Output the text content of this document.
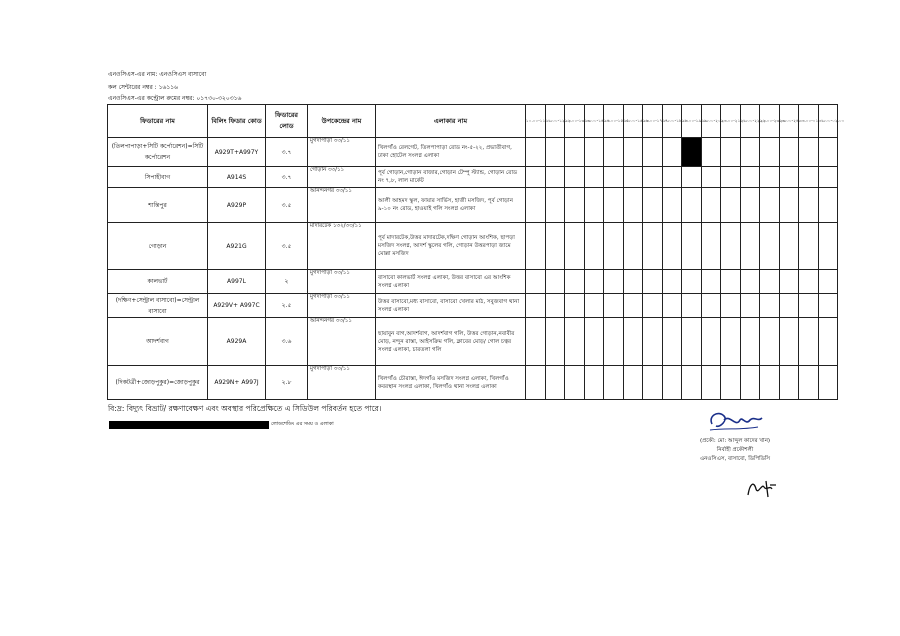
এনওসিএস-এর নাম: এনওসিএস বাসাবো
কল সেন্টারের নম্বর : ১৬১১৬
এনওসিএস-এর কন্ট্রোল রুমের নম্বর: ০১৭৩০-৩২০৩১৬
ফিডারের নাম	বিলিং ফিডার কোড	ফিডারের লোড	উপকেন্দ্রের নাম	এলাকার নাম	১০.০০-১১.০০	১১.০০-১২.০০	১২.০০-১৩.০০	১৩.০০-১৪.০০	১৪.০০-১৫.০০	১৫.০০-১৬.০০	১৬.০০-১৭.০০	১৭.০০-১৮.০০	১৮.০০-১৯.০০	১৯.০০-২০.০০	২০.০০-২১.০০	২১.০০-২২.০০	২২.০০-২৩.০০	২৩.০০-২৪.০০	০০.০০-০১.০০	০১.০০-০২.০০
(তিলপাপাড়া+সিটি কর্পোরেশন)=সিটি কর্পোরেশন	A929T+A997Y	৩.৭	মুগদাপাড়া ৩৩/১১	খিলগাঁও রেলগেট, তিলপাপাড়া রোড নং-৫-২২, প্রভাতীবাগ, ঢাকা হোটেল সংলগ্ন এলাকা																
সিপাহীবাগ	A914S	৩.৭	গোড়ান ৩৩/১১	পূর্ব গোড়ান,গোড়ান বাজার,গোড়ান টেম্পু স্ট্যান্ড, গোড়ান রোড নং ৭,৮, লাল মার্কেট																
শান্তিপুর	A929P	৩.৫	আনন্দনগর ৩৩/১১	আলী আহমদ স্কুল, ফায়ার সার্ভিস, হাজী মসজিদ, পূর্ব গোড়ান ৯-১০ নং রোড, হাওয়াই গলি সংলগ্ন এলাকা																
গোড়ান	A921G	৩.৫	মাদারটেক ১৩২/৩৩/১১	পূর্ব মাদারটেক,উত্তর মাদারটেক,দক্ষিণ গোড়ান আংশিক, ছাপড়া মসজিদ সংলগ্ন, আদর্শ স্কুলের গলি, গোড়ান উত্তরপাড়া জামে মোল্লা মসজিদ																
কালভার্ট	A997L	২	মুগদাপাড়া ৩৩/১১	বাসাবো কালভার্ট সংলগ্ন এলাকা, উত্তর বাসাবো এর আংশিক সংলগ্ন এলাকা																
(দক্ষিণ+সেন্ট্রাল বাসাবো)=সেন্ট্রাল বাসাবো	A929V+ A997C	২.৫	মুগদাপাড়া ৩৩/১১	উত্তর বাসাবো,মধ্য বাসাবো, বাসাবো খেলার মাঠ, সবুজবাগ থানা সংলগ্ন এলাকা																
আদর্শবাগ	A929A	৩.৬	আনন্দনগর ৩৩/১১	ছায়াবুন বাগ,আদর্শবাগ, আদর্শবাগ গলি, উত্তর গোড়ান,নবাবীর মোড়, নন্দুন রাস্তা, আইসক্রিম গলি, ক্লাবের মোড়/ গোল চত্বর সংলগ্ন এলাকা, চারতলা গলি																
(দিকটর্ত্রী+জোড়পুকুর)=জোড়পুকুর	A929N+ A997J	২.৮	মুগদাপাড়া ৩৩/১১	খিলগাঁও চৌরাস্তা, ঈদগাঁও মসজিদ সংলগ্ন এলাকা, খিলগাঁও কবরস্থান সংলগ্ন এলাকা, খিলগাঁও থানা সংলগ্ন এলাকা																
বি:দ্র: বিদ্যুৎ বিভ্রাট/ রক্ষণাবেক্ষণ এবং অবস্থার পরিপ্রেক্ষিতে এ সিডিউল পরিবর্তন হতে পারে।
লোডশেডিং এর সময় ও এলাকা
(প্রকৌ: মো: আব্দুল কাদের খান)
নির্বাহী প্রকৌশলী
এনওসিএস, বাসাবো, ডিপিডিসি
